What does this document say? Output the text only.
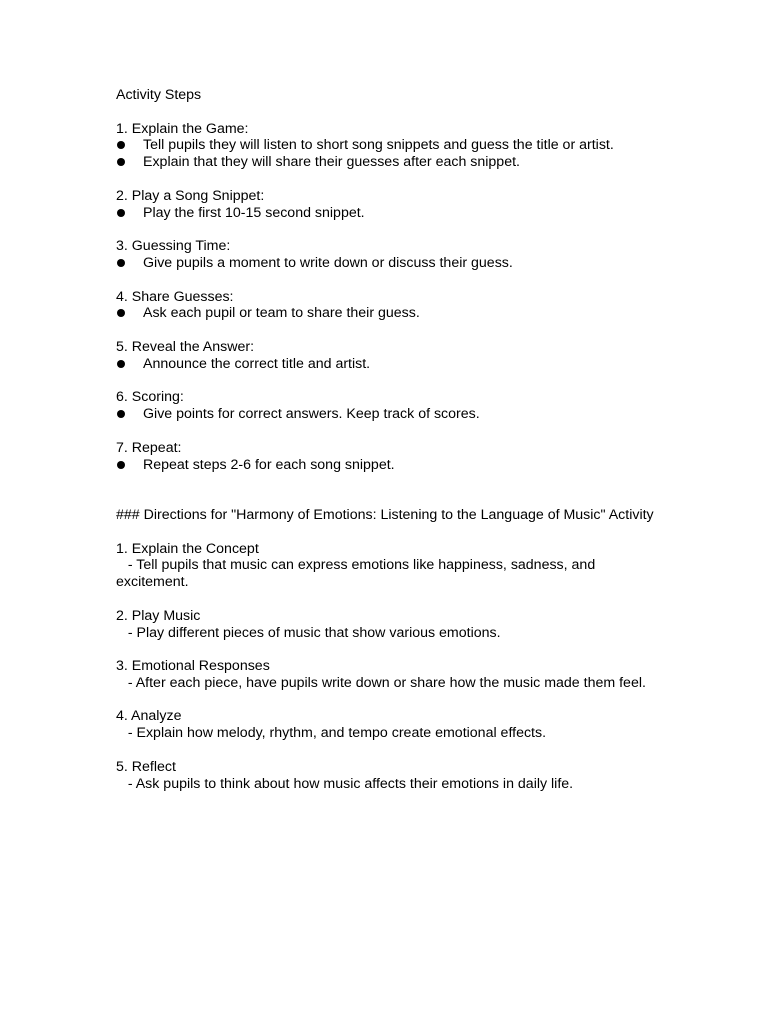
Activity Steps

1. Explain the Game:

Tell pupils they will listen to short song snippets and guess the title or artist.
Explain that they will share their guesses after each snippet.

2. Play a Song Snippet:

Play the first 10-15 second snippet.

3. Guessing Time:

Give pupils a moment to write down or discuss their guess.

4. Share Guesses:

Ask each pupil or team to share their guess.

5. Reveal the Answer:

Announce the correct title and artist.

6. Scoring:

Give points for correct answers. Keep track of scores.

7. Repeat:

Repeat steps 2-6 for each song snippet.

### Directions for "Harmony of Emotions: Listening to the Language of Music" Activity

1. Explain the Concept

- Tell pupils that music can express emotions like happiness, sadness, and excitement.

2. Play Music

- Play different pieces of music that show various emotions.

3. Emotional Responses

- After each piece, have pupils write down or share how the music made them feel.

4. Analyze

- Explain how melody, rhythm, and tempo create emotional effects.

5. Reflect

- Ask pupils to think about how music affects their emotions in daily life.
